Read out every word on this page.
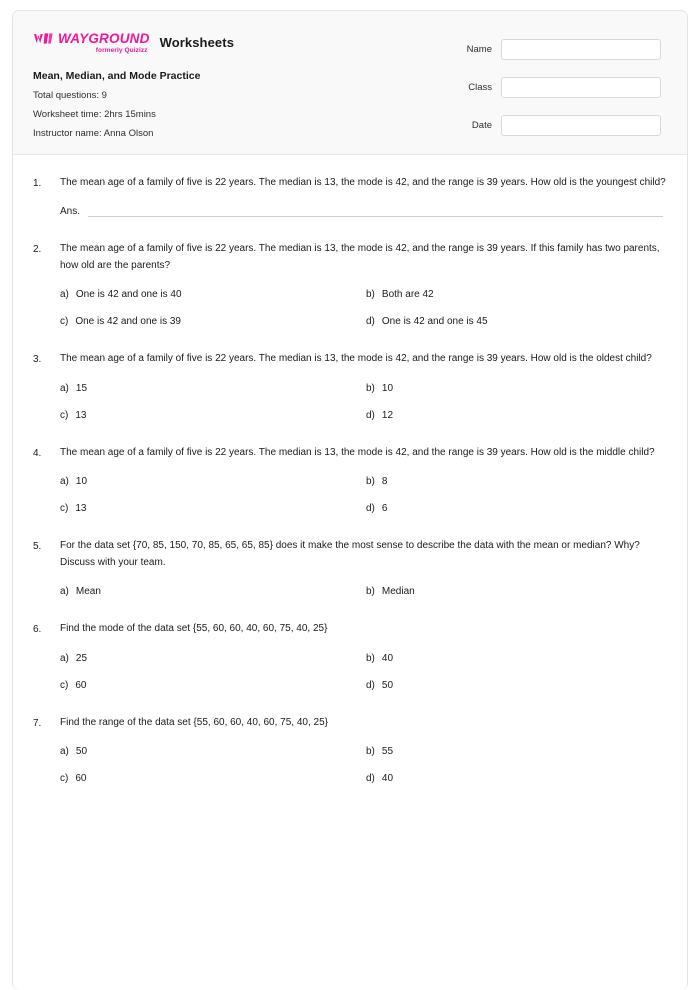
WAYGROUND
formerly Quizizz
Worksheets
Mean, Median, and Mode Practice
Total questions: 9
Worksheet time: 2hrs 15mins
Instructor name: Anna Olson
Name
Class
Date
1.	The mean age of a family of five is 22 years. The median is 13, the mode is 42, and the range is 39 years. How old is the youngest child?
Ans.
2.	The mean age of a family of five is 22 years. The median is 13, the mode is 42, and the range is 39 years. If this family has two parents, how old are the parents?
a) One is 42 and one is 40	b) Both are 42
c) One is 42 and one is 39	d) One is 42 and one is 45
3.	The mean age of a family of five is 22 years. The median is 13, the mode is 42, and the range is 39 years. How old is the oldest child?
a) 15	b) 10
c) 13	d) 12
4.	The mean age of a family of five is 22 years. The median is 13, the mode is 42, and the range is 39 years. How old is the middle child?
a) 10	b) 8
c) 13	d) 6
5.	For the data set {70, 85, 150, 70, 85, 65, 65, 85} does it make the most sense to describe the data with the mean or median? Why? Discuss with your team.
a) Mean	b) Median
6.	Find the mode of the data set {55, 60, 60, 40, 60, 75, 40, 25}
a) 25	b) 40
c) 60	d) 50
7.	Find the range of the data set {55, 60, 60, 40, 60, 75, 40, 25}
a) 50	b) 55
c) 60	d) 40
